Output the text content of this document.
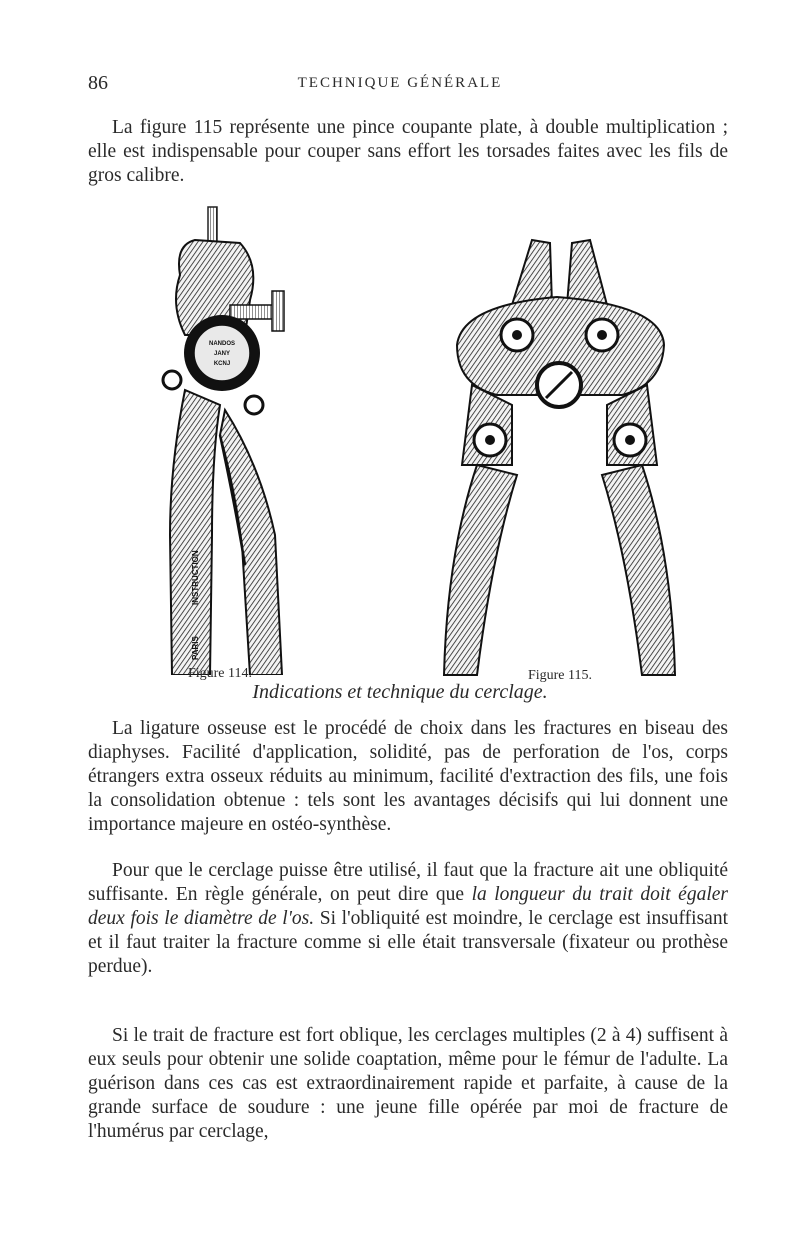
86	TECHNIQUE GÉNÉRALE

La figure 115 représente une pince coupante plate, à double multiplication ; elle est indispensable pour couper sans effort les torsades faites avec les fils de gros calibre.

NANDOS
JANY
KCNJ
INSTRUCTION
PARIS
Figure 114.	Figure 115.
Indications et technique du cerclage.

La ligature osseuse est le procédé de choix dans les fractures en biseau des diaphyses. Facilité d'application, solidité, pas de perforation de l'os, corps étrangers extra osseux réduits au minimum, facilité d'extraction des fils, une fois la consolidation obtenue : tels sont les avantages décisifs qui lui donnent une importance majeure en ostéo-synthèse.

Pour que le cerclage puisse être utilisé, il faut que la fracture ait une obliquité suffisante. En règle générale, on peut dire que la longueur du trait doit égaler deux fois le diamètre de l'os. Si l'obliquité est moindre, le cerclage est insuffisant et il faut traiter la fracture comme si elle était transversale (fixateur ou prothèse perdue).

Si le trait de fracture est fort oblique, les cerclages multiples (2 à 4) suffisent à eux seuls pour obtenir une solide coaptation, même pour le fémur de l'adulte. La guérison dans ces cas est extraordinairement rapide et parfaite, à cause de la grande surface de soudure : une jeune fille opérée par moi de fracture de l'humérus par cerclage,
